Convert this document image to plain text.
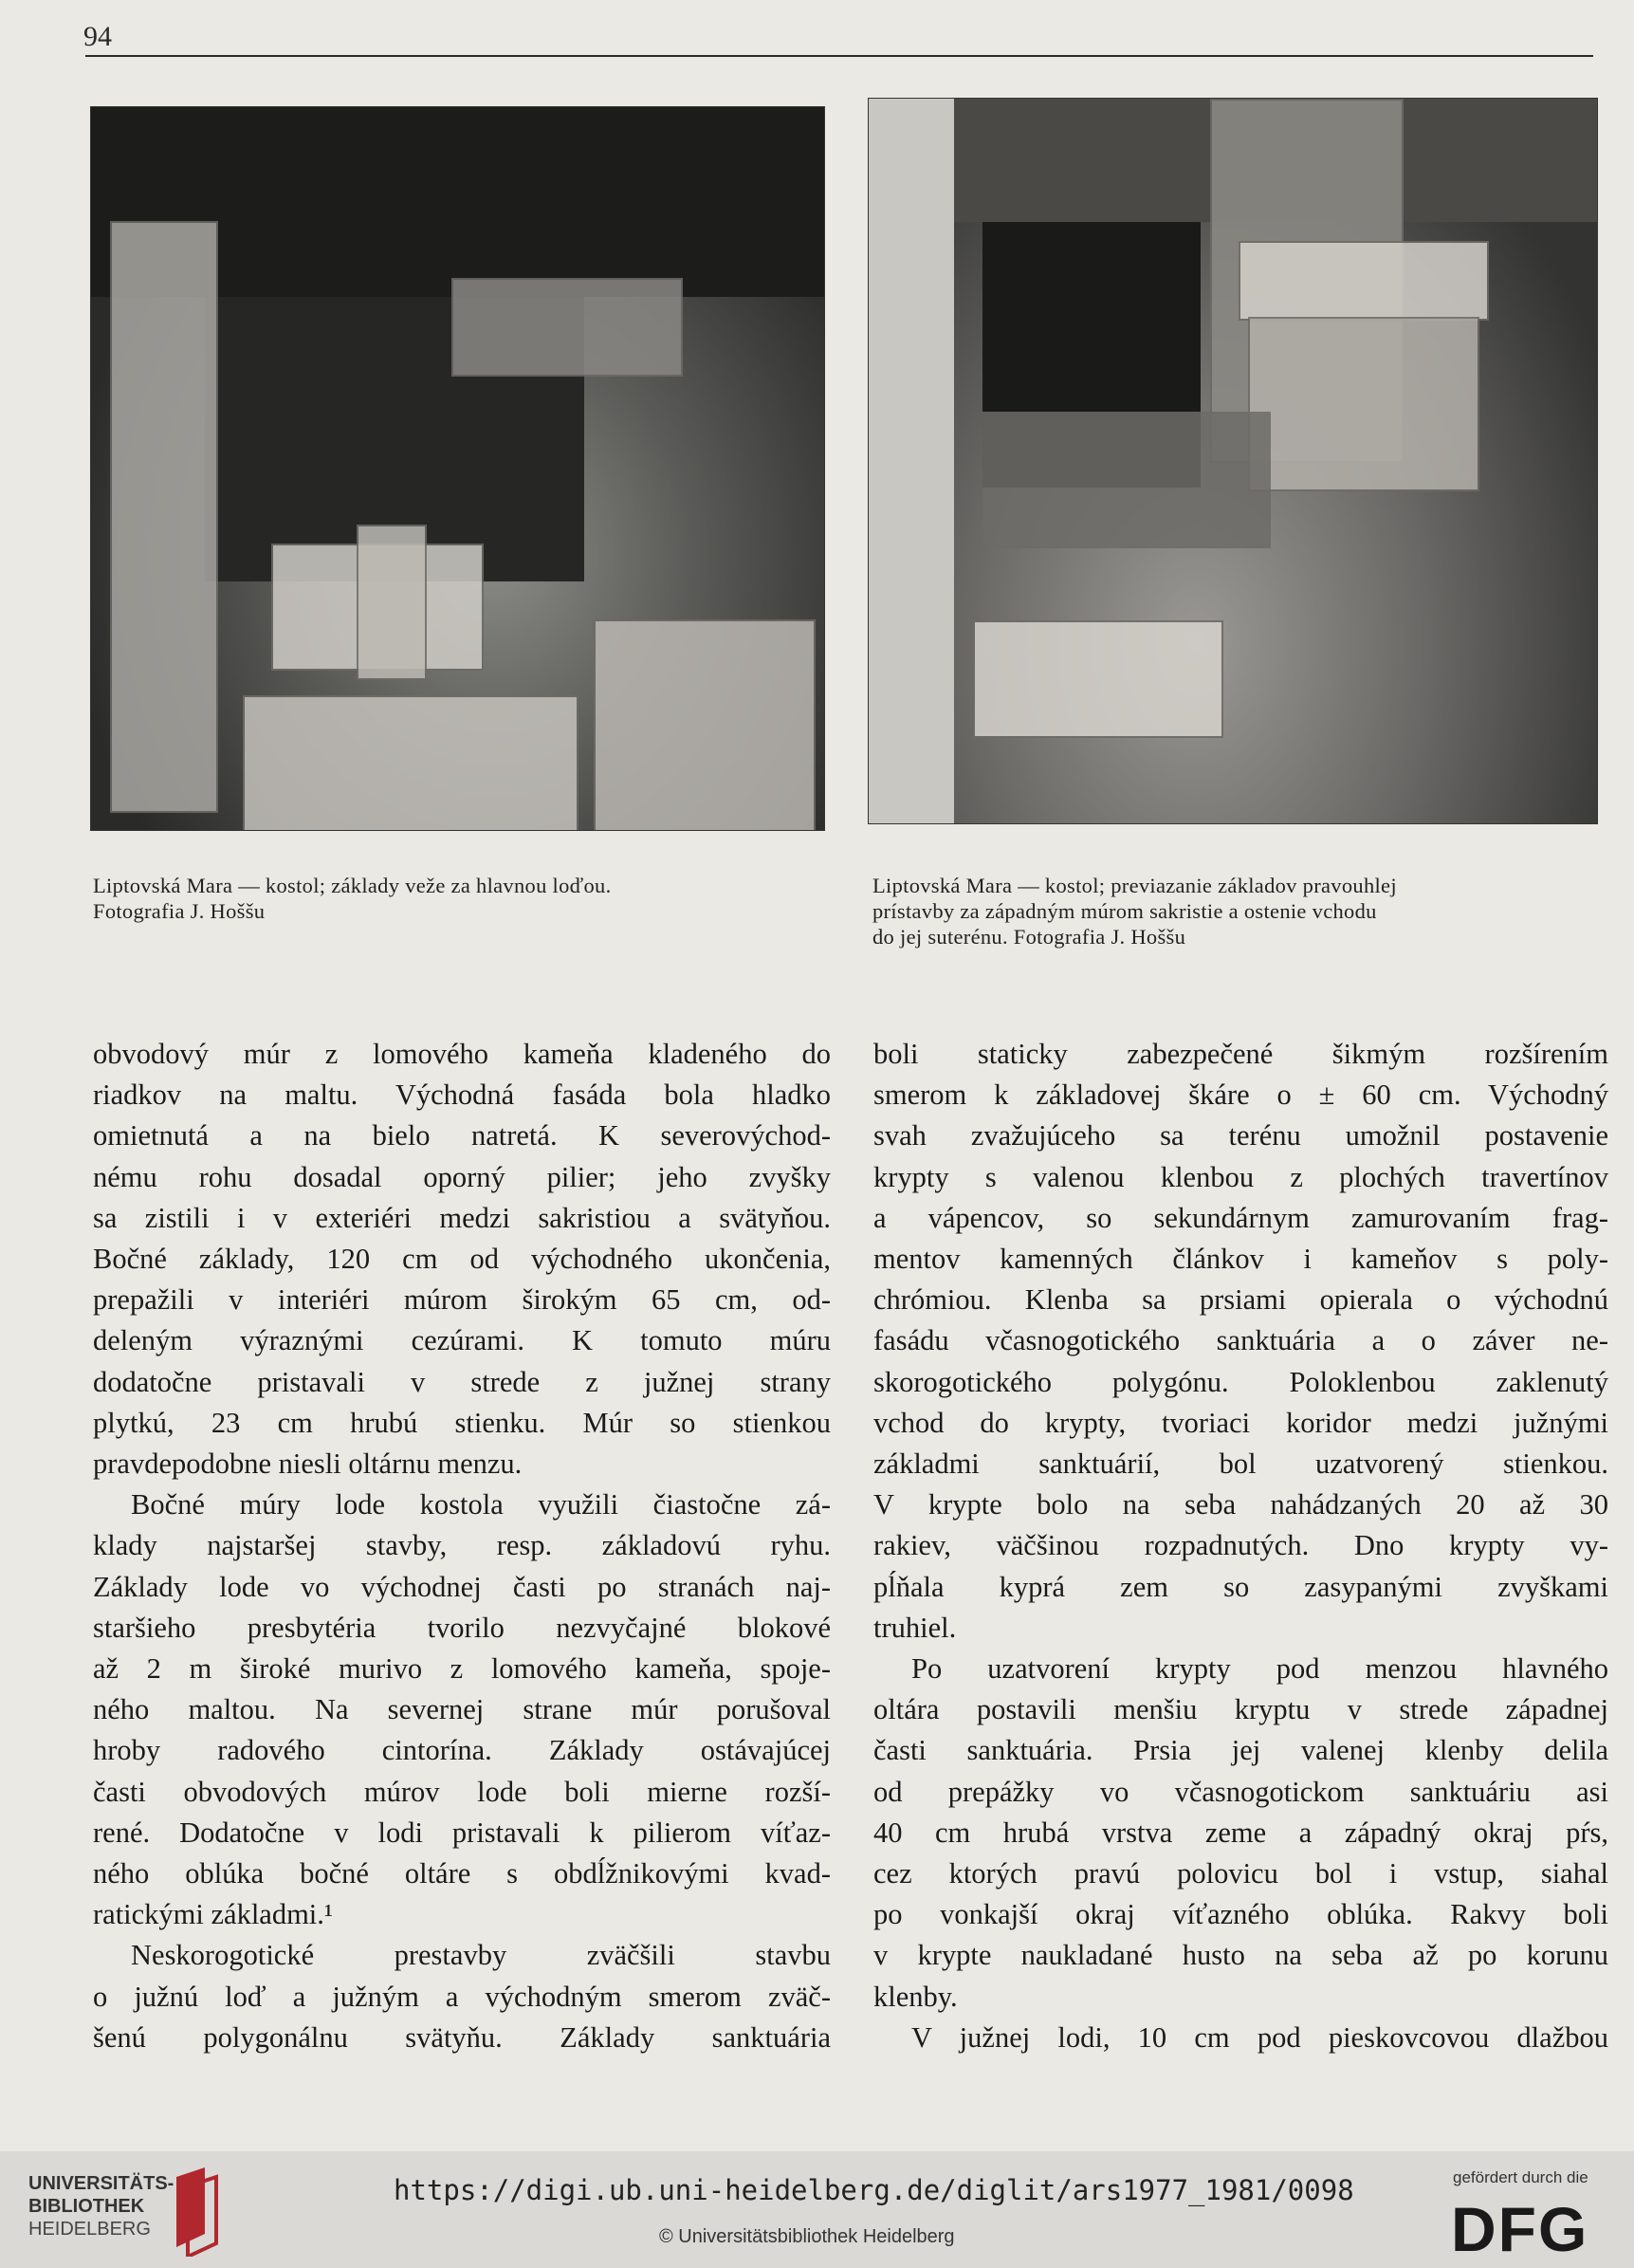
94
Liptovská Mara — kostol; základy veže za hlavnou loďou.
Fotografia J. Hoššu
Liptovská Mara — kostol; previazanie základov pravouhlej
prístavby za západným múrom sakristie a ostenie vchodu
do jej suterénu. Fotografia J. Hoššu
obvodový múr z lomového kameňa kladeného do
riadkov na maltu. Východná fasáda bola hladko
omietnutá a na bielo natretá. K severovýchod-
nému rohu dosadal oporný pilier; jeho zvyšky
sa zistili i v exteriéri medzi sakristiou a svätyňou.
Bočné základy, 120 cm od východného ukončenia,
prepažili v interiéri múrom širokým 65 cm, od-
deleným výraznými cezúrami. K tomuto múru
dodatočne pristavali v strede z južnej strany
plytkú, 23 cm hrubú stienku. Múr so stienkou
pravdepodobne niesli oltárnu menzu.
Bočné múry lode kostola využili čiastočne zá-
klady najstaršej stavby, resp. základovú ryhu.
Základy lode vo východnej časti po stranách naj-
staršieho presbytéria tvorilo nezvyčajné blokové
až 2 m široké murivo z lomového kameňa, spoje-
ného maltou. Na severnej strane múr porušoval
hroby radového cintorína. Základy ostávajúcej
časti obvodových múrov lode boli mierne rozší-
rené. Dodatočne v lodi pristavali k pilierom víťaz-
ného oblúka bočné oltáre s obdĺžnikovými kvad-
ratickými základmi.¹
Neskorogotické prestavby zväčšili stavbu
o južnú loď a južným a východným smerom zväč-
šenú polygonálnu svätyňu. Základy sanktuária
boli staticky zabezpečené šikmým rozšírením
smerom k základovej škáre o ± 60 cm. Východný
svah zvažujúceho sa terénu umožnil postavenie
krypty s valenou klenbou z plochých travertínov
a vápencov, so sekundárnym zamurovaním frag-
mentov kamenných článkov i kameňov s poly-
chrómiou. Klenba sa prsiami opierala o východnú
fasádu včasnogotického sanktuária a o záver ne-
skorogotického polygónu. Poloklenbou zaklenutý
vchod do krypty, tvoriaci koridor medzi južnými
základmi sanktuárií, bol uzatvorený stienkou.
V krypte bolo na seba nahádzaných 20 až 30
rakiev, väčšinou rozpadnutých. Dno krypty vy-
pĺňala kyprá zem so zasypanými zvyškami
truhiel.
Po uzatvorení krypty pod menzou hlavného
oltára postavili menšiu kryptu v strede západnej
časti sanktuária. Prsia jej valenej klenby delila
od prepážky vo včasnogotickom sanktuáriu asi
40 cm hrubá vrstva zeme a západný okraj pŕs,
cez ktorých pravú polovicu bol i vstup, siahal
po vonkajší okraj víťazného oblúka. Rakvy boli
v krypte naukladané husto na seba až po korunu
klenby.
V južnej lodi, 10 cm pod pieskovcovou dlažbou
UNIVERSITÄTS-
BIBLIOTHEK
HEIDELBERG
https://digi.ub.uni-heidelberg.de/diglit/ars1977_1981/0098
© Universitätsbibliothek Heidelberg
gefördert durch die
DFG
